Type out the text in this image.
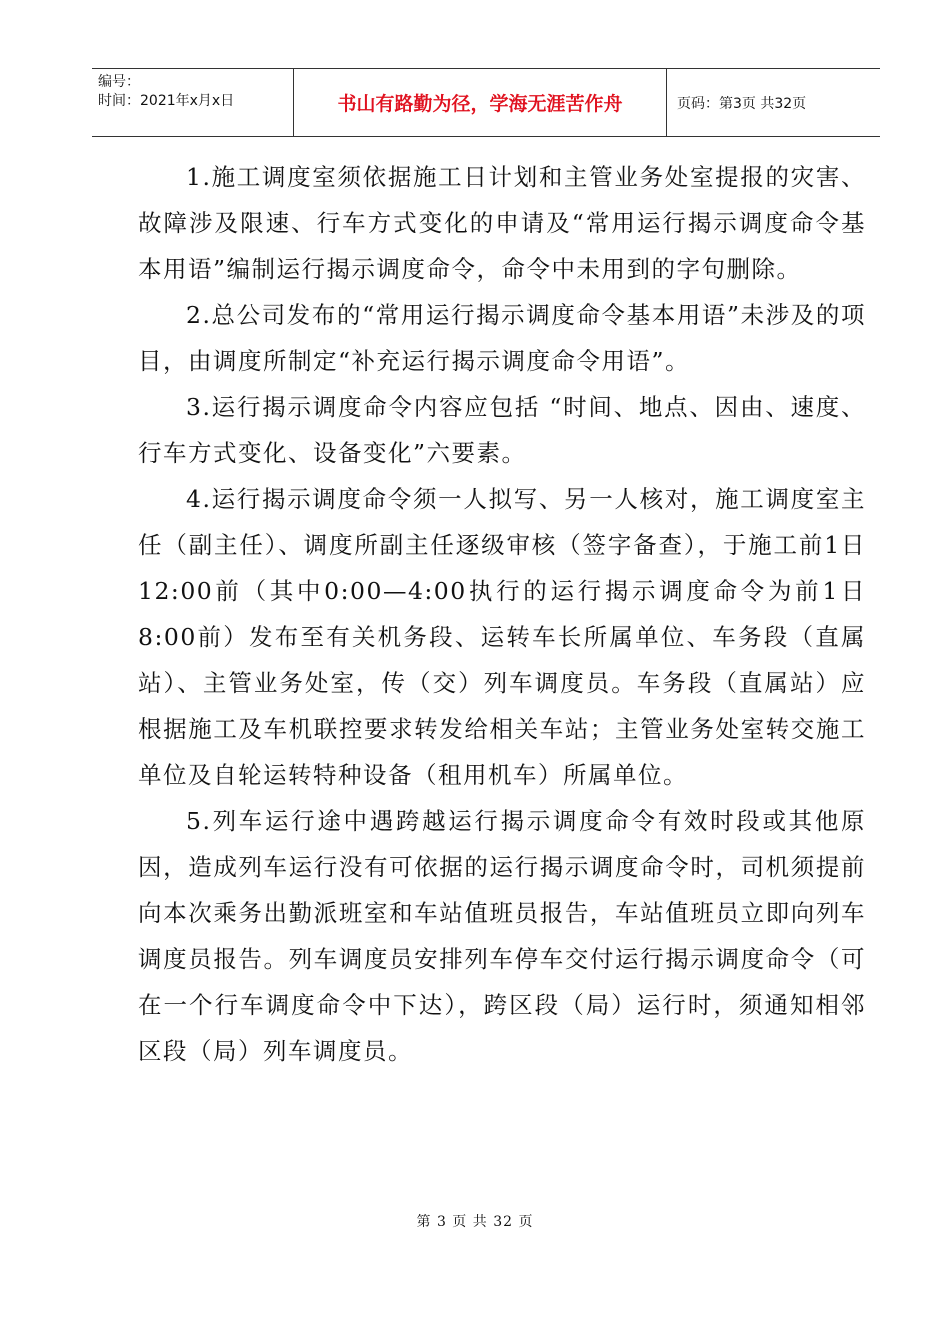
编号：
时间：2021年x月x日	书山有路勤为径，学海无涯苦作舟	页码：第3页 共32页

1.施工调度室须依据施工日计划和主管业务处室提报的灾害、故障涉及限速、行车方式变化的申请及“常用运行揭示调度命令基本用语”编制运行揭示调度命令，命令中未用到的字句删除。

2.总公司发布的“常用运行揭示调度命令基本用语”未涉及的项目，由调度所制定“补充运行揭示调度命令用语”。

3.运行揭示调度命令内容应包括 “时间、地点、因由、速度、行车方式变化、设备变化”六要素。

4.运行揭示调度命令须一人拟写、另一人核对，施工调度室主任（副主任）、调度所副主任逐级审核（签字备查），于施工前1日12:00前（其中0:00—4:00执行的运行揭示调度命令为前1日8:00前）发布至有关机务段、运转车长所属单位、车务段（直属站）、主管业务处室，传（交）列车调度员。车务段（直属站）应根据施工及车机联控要求转发给相关车站；主管业务处室转交施工单位及自轮运转特种设备（租用机车）所属单位。

5.列车运行途中遇跨越运行揭示调度命令有效时段或其他原因，造成列车运行没有可依据的运行揭示调度命令时，司机须提前向本次乘务出勤派班室和车站值班员报告，车站值班员立即向列车调度员报告。列车调度员安排列车停车交付运行揭示调度命令（可在一个行车调度命令中下达），跨区段（局）运行时，须通知相邻区段（局）列车调度员。

第 3 页 共 32 页
